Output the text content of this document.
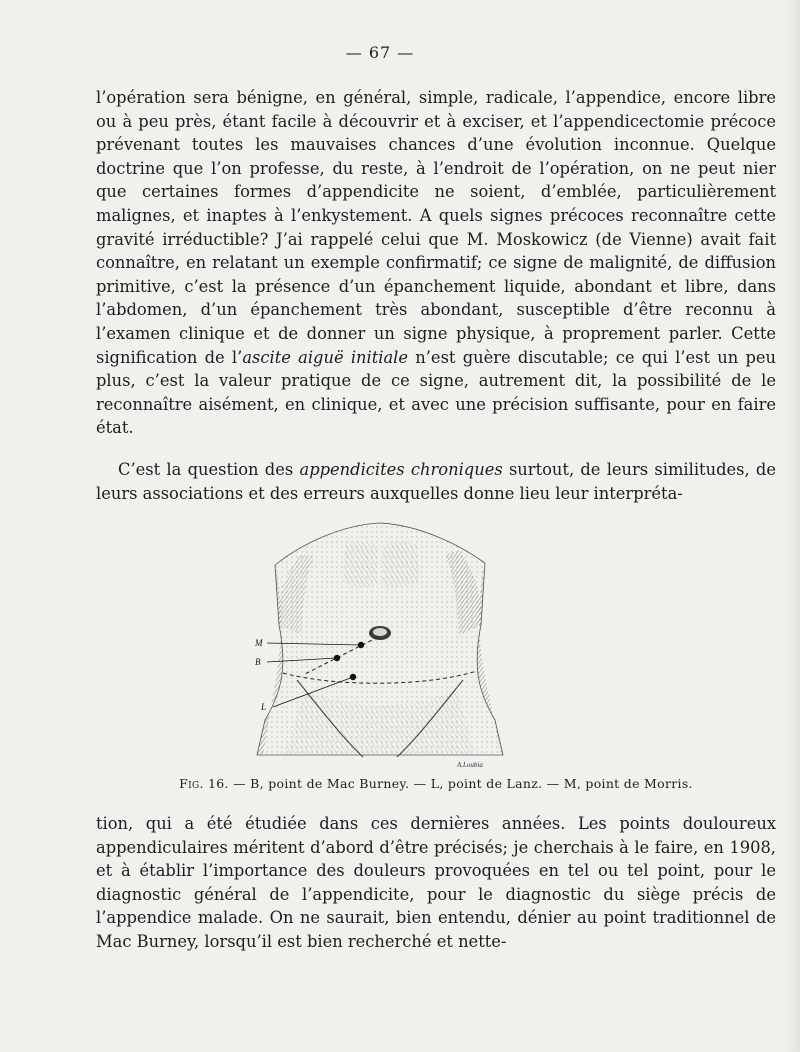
— 67 —

l’opération sera bénigne, en général, simple, radicale, l’appendice, encore libre ou à peu près, étant facile à découvrir et à exciser, et l’appendicectomie précoce prévenant toutes les mauvaises chances d’une évolution inconnue. Quelque doctrine que l’on professe, du reste, à l’endroit de l’opération, on ne peut nier que certaines formes d’appendicite ne soient, d’emblée, particulièrement malignes, et inaptes à l’enkystement. A quels signes précoces reconnaître cette gravité irréductible? J’ai rappelé celui que M. Moskowicz (de Vienne) avait fait connaître, en relatant un exemple confirmatif; ce signe de malignité, de diffusion primitive, c’est la présence d’un épanchement liquide, abondant et libre, dans l’abdomen, d’un épanchement très abondant, susceptible d’être reconnu à l’examen clinique et de donner un signe physique, à proprement parler. Cette signification de l’ascite aiguë initiale n’est guère discutable; ce qui l’est un peu plus, c’est la valeur pratique de ce signe, autrement dit, la possibilité de le reconnaître aisément, en clinique, et avec une précision suffisante, pour en faire état.

C’est la question des appendicites chroniques surtout, de leurs similitudes, de leurs associations et des erreurs auxquelles donne lieu leur interpréta-

M
B
L
A.Loubia
Fig. 16. — B, point de Mac Burney. — L, point de Lanz. — M, point de Morris.

tion, qui a été étudiée dans ces dernières années. Les points douloureux appendiculaires méritent d’abord d’être précisés; je cherchais à le faire, en 1908, et à établir l’importance des douleurs provoquées en tel ou tel point, pour le diagnostic général de l’appendicite, pour le diagnostic du siège précis de l’appendice malade. On ne saurait, bien entendu, dénier au point traditionnel de Mac Burney, lorsqu’il est bien recherché et nette-
